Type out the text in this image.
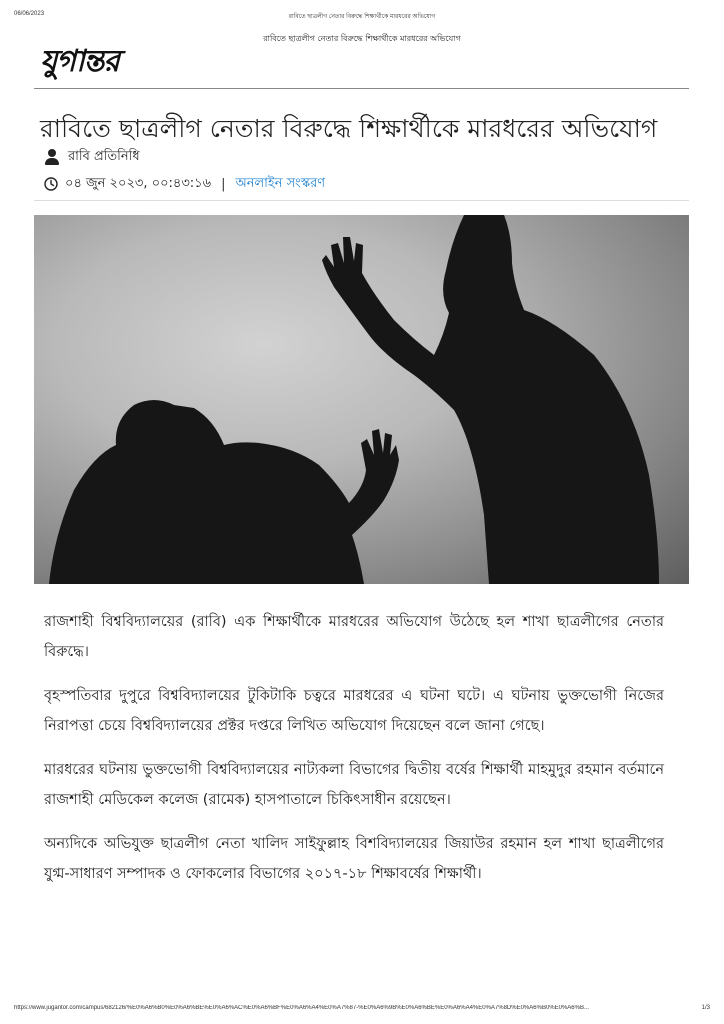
06/06/2023	রাবিতে ছাত্রলীগ নেতার বিরুদ্ধে শিক্ষার্থীকে মারধরের অভিযোগ
রাবিতে ছাত্রলীগ নেতার বিরুদ্ধে শিক্ষার্থীকে মারধরের অভিযোগ
যুগান্তর
রাবিতে ছাত্রলীগ নেতার বিরুদ্ধে শিক্ষার্থীকে মারধরের অভিযোগ
রাবি প্রতিনিধি
০৪ জুন ২০২৩, ০০:৪৩:১৬ | অনলাইন সংস্করণ

রাজশাহী বিশ্ববিদ্যালয়ের (রাবি) এক শিক্ষার্থীকে মারধরের অভিযোগ উঠেছে হল শাখা ছাত্রলীগের নেতার বিরুদ্ধে।

বৃহস্পতিবার দুপুরে বিশ্ববিদ্যালয়ের টুকিটাকি চত্বরে মারধরের এ ঘটনা ঘটে। এ ঘটনায় ভুক্তভোগী নিজের নিরাপত্তা চেয়ে বিশ্ববিদ্যালয়ের প্রক্টর দপ্তরে লিখিত অভিযোগ দিয়েছেন বলে জানা গেছে।

মারধরের ঘটনায় ভুক্তভোগী বিশ্ববিদ্যালয়ের নাট্যকলা বিভাগের দ্বিতীয় বর্ষের শিক্ষার্থী মাহমুদুর রহমান বর্তমানে রাজশাহী মেডিকেল কলেজ (রামেক) হাসপাতালে চিকিৎসাধীন রয়েছেন।

অন্যদিকে অভিযুক্ত ছাত্রলীগ নেতা খালিদ সাইফুল্লাহ বিশবিদ্যালয়ের জিয়াউর রহমান হল শাখা ছাত্রলীগের যুগ্ম-সাধারণ সম্পাদক ও ফোকলোর বিভাগের ২০১৭-১৮ শিক্ষাবর্ষের শিক্ষার্থী।

https://www.jugantor.com/campus/682126/%E0%A6%B0%E0%A6%BE%E0%A6%AC%E0%A6%BF%E0%A6%A4%E0%A7%87-%E0%A6%9B%E0%A6%BE%E0%A6%A4%E0%A7%8D%E0%A6%B0%E0%A6%B...	1/3
